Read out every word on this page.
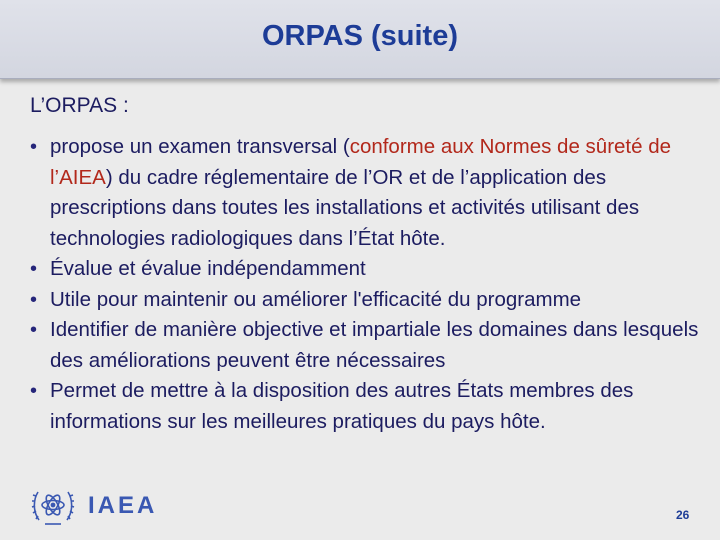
ORPAS (suite)
L’ORPAS :
• propose un examen transversal (conforme aux Normes de sûreté de l’AIEA) du cadre réglementaire de l’OR et de l’application des prescriptions dans toutes les installations et activités utilisant des technologies radiologiques dans l’État hôte.
• Évalue et évalue indépendamment
• Utile pour maintenir ou améliorer l'efficacité du programme
• Identifier de manière objective et impartiale les domaines dans lesquels des améliorations peuvent être nécessaires
• Permet de mettre à la disposition des autres États membres des informations sur les meilleures pratiques du pays hôte.
IAEA	26
